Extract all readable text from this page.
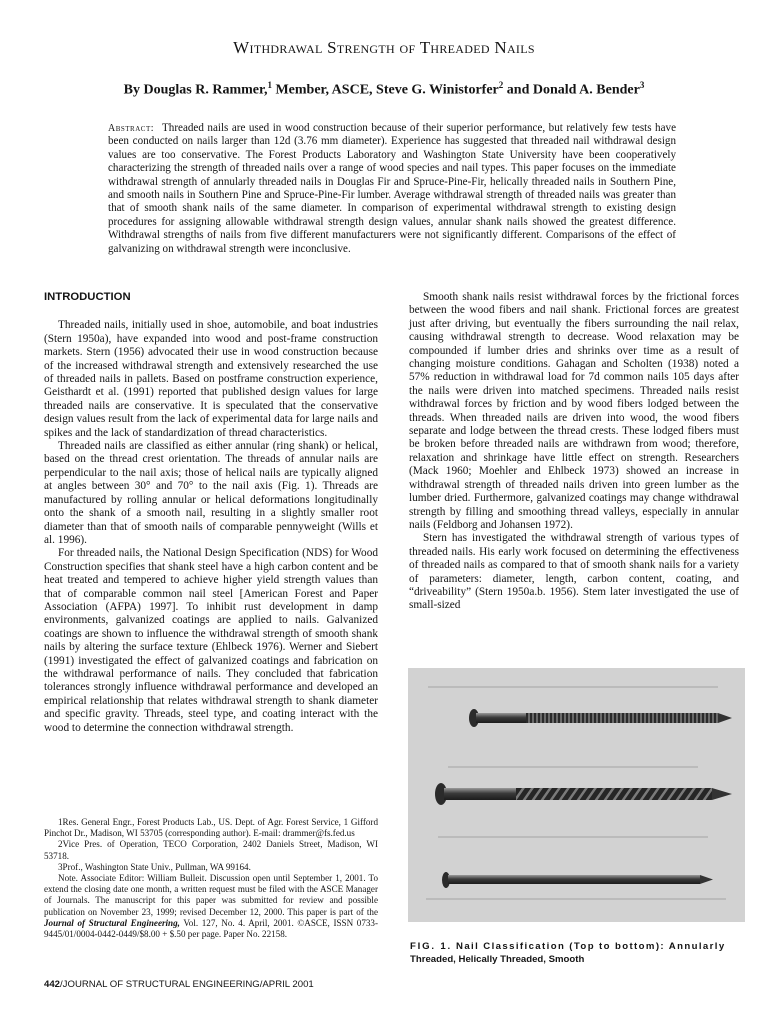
Withdrawal Strength of Threaded Nails
By Douglas R. Rammer,$^1$ Member, ASCE, Steve G. Winistorfer$^2$ and Donald A. Bender$^3$
Abstract: Threaded nails are used in wood construction because of their superior performance, but relatively few tests have been conducted on nails larger than 12d (3.76 mm diameter). Experience has suggested that threaded nail withdrawal design values are too conservative. The Forest Products Laboratory and Washington State University have been cooperatively characterizing the strength of threaded nails over a range of wood species and nail types. This paper focuses on the immediate withdrawal strength of annularly threaded nails in Douglas Fir and Spruce-Pine-Fir, helically threaded nails in Southern Pine, and smooth nails in Southern Pine and Spruce-Pine-Fir lumber. Average withdrawal strength of threaded nails was greater than that of smooth shank nails of the same diameter. In comparison of experimental withdrawal strength to existing design procedures for assigning allowable withdrawal strength design values, annular shank nails showed the greatest difference. Withdrawal strengths of nails from five different manufacturers were not significantly different. Comparisons of the effect of galvanizing on withdrawal strength were inconclusive.
INTRODUCTION

Threaded nails, initially used in shoe, automobile, and boat industries (Stern 1950a), have expanded into wood and post-frame construction markets. Stern (1956) advocated their use in wood construction because of the increased withdrawal strength and extensively researched the use of threaded nails in pallets. Based on postframe construction experience, Geisthardt et al. (1991) reported that published design values for large threaded nails are conservative. It is speculated that the conservative design values result from the lack of experimental data for large nails and spikes and the lack of standardization of thread characteristics.

Threaded nails are classified as either annular (ring shank) or helical, based on the thread crest orientation. The threads of annular nails are perpendicular to the nail axis; those of helical nails are typically aligned at angles between 30° and 70° to the nail axis (Fig. 1). Threads are manufactured by rolling annular or helical deformations longitudinally onto the shank of a smooth nail, resulting in a slightly smaller root diameter than that of smooth nails of comparable pennyweight (Wills et al. 1996).

For threaded nails, the National Design Specification (NDS) for Wood Construction specifies that shank steel have a high carbon content and be heat treated and tempered to achieve higher yield strength values than that of comparable common nail steel [American Forest and Paper Association (AFPA) 1997]. To inhibit rust development in damp environments, galvanized coatings are applied to nails. Galvanized coatings are shown to influence the withdrawal strength of smooth shank nails by altering the surface texture (Ehlbeck 1976). Werner and Siebert (1991) investigated the effect of galvanized coatings and fabrication on the withdrawal performance of nails. They concluded that fabrication tolerances strongly influence withdrawal performance and developed an empirical relationship that relates withdrawal strength to shank diameter and specific gravity. Threads, steel type, and coating interact with the wood to determine the connection withdrawal strength.

1Res. General Engr., Forest Products Lab., US. Dept. of Agr. Forest Service, 1 Gifford Pinchot Dr., Madison, WI 53705 (corresponding author). E-mail: drammer@fs.fed.us

2Vice Pres. of Operation, TECO Corporation, 2402 Daniels Street, Madison, WI 53718.

3Prof., Washington State Univ., Pullman, WA 99164.

Note. Associate Editor: William Bulleit. Discussion open until September 1, 2001. To extend the closing date one month, a written request must be filed with the ASCE Manager of Journals. The manuscript for this paper was submitted for review and possible publication on November 23, 1999; revised December 12, 2000. This paper is part of the Journal of Structural Engineering, Vol. 127, No. 4. April, 2001. ©ASCE, ISSN 0733-9445/01/0004-0442-0449/$8.00 + $.50 per page. Paper No. 22158.

Smooth shank nails resist withdrawal forces by the frictional forces between the wood fibers and nail shank. Frictional forces are greatest just after driving, but eventually the fibers surrounding the nail relax, causing withdrawal strength to decrease. Wood relaxation may be compounded if lumber dries and shrinks over time as a result of changing moisture conditions. Gahagan and Scholten (1938) noted a 57% reduction in withdrawal load for 7d common nails 105 days after the nails were driven into matched specimens. Threaded nails resist withdrawal forces by friction and by wood fibers lodged between the threads. When threaded nails are driven into wood, the wood fibers separate and lodge between the thread crests. These lodged fibers must be broken before threaded nails are withdrawn from wood; therefore, relaxation and shrinkage have little effect on strength. Researchers (Mack 1960; Moehler and Ehlbeck 1973) showed an increase in withdrawal strength of threaded nails driven into green lumber as the lumber dried. Furthermore, galvanized coatings may change withdrawal strength by filling and smoothing thread valleys, especially in annular nails (Feldborg and Johansen 1972).

Stern has investigated the withdrawal strength of various types of threaded nails. His early work focused on determining the effectiveness of threaded nails as compared to that of smooth shank nails for a variety of parameters: diameter, length, carbon content, coating, and “driveability” (Stern 1950a.b. 1956). Stem later investigated the use of small-sized

FIG. 1. Nail Classification (Top to bottom): Annularly
Threaded, Helically Threaded, Smooth
442/JOURNAL OF STRUCTURAL ENGINEERING/APRIL 2001
